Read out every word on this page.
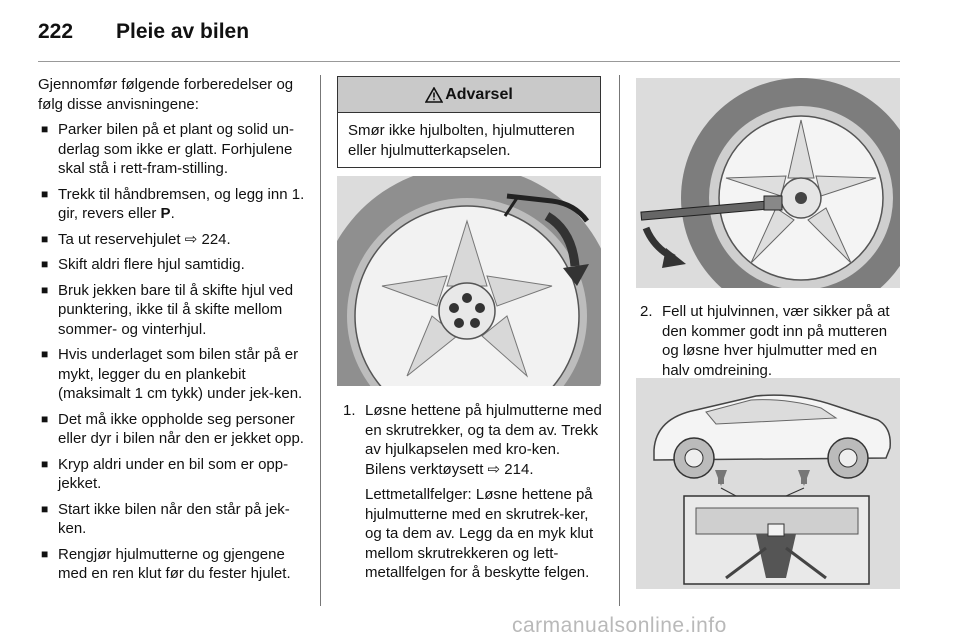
222 Pleie av bilen

Gjennomfør følgende forberedelser og følg disse anvisningene:

■ Parker bilen på et plant og solid un-derlag som ikke er glatt. Forhjulene skal stå i rett-fram-stilling.
■ Trekk til håndbremsen, og legg inn 1. gir, revers eller P.
■ Ta ut reservehjulet ⇨ 224.
■ Skift aldri flere hjul samtidig.
■ Bruk jekken bare til å skifte hjul ved punktering, ikke til å skifte mellom sommer- og vinterhjul.
■ Hvis underlaget som bilen står på er mykt, legger du en plankebit (maksimalt 1 cm tykk) under jek-ken.
■ Det må ikke oppholde seg personer eller dyr i bilen når den er jekket opp.
■ Kryp aldri under en bil som er opp-jekket.
■ Start ikke bilen når den står på jek-ken.
■ Rengjør hjulmutterne og gjengene med en ren klut før du fester hjulet.
Advarsel
Smør ikke hjulbolten, hjulmutteren eller hjulmutterkapselen.
1. Løsne hettene på hjulmutterne med en skrutrekker, og ta dem av. Trekk av hjulkapselen med kro-ken. Bilens verktøysett ⇨ 214.

Lettmetallfelger: Løsne hettene på hjulmutterne med en skrutrek-ker, og ta dem av. Legg da en myk klut mellom skrutrekkeren og lett-metallfelgen for å beskytte felgen.

2. Fell ut hjulvinnen, vær sikker på at den kommer godt inn på mutteren og løsne hver hjulmutter med en halv omdreining.
carmanualsonline.info
